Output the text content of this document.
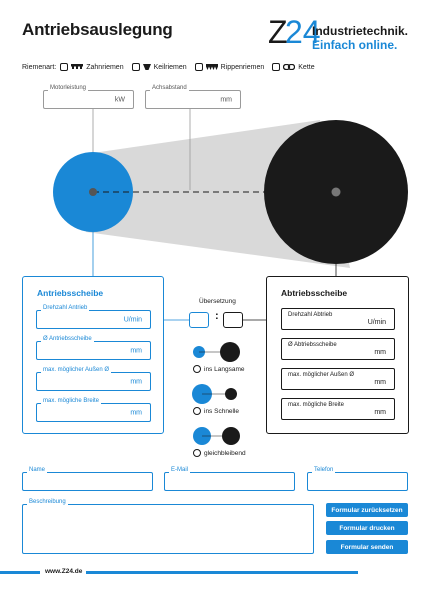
Antriebsauslegung	Z
24
Industrietechnik.
Einfach online.
Riemenart:	Zahnriemen	Keilriemen	Rippenriemen	Kette
Motorleistung
kW
Achsabstand
mm
Antriebsscheibe
Drehzahl Antrieb
U/min
Ø Antriebsscheibe
mm
max. möglicher Außen Ø
mm
max. mögliche Breite
mm
Übersetzung
:
ins Langsame
ins Schnelle
gleichbleibend
Abtriebsscheibe
Drehzahl Abtrieb
U/min
Ø Abtriebsscheibe
mm
max. möglicher Außen Ø
mm
max. mögliche Breite
mm
Name	E-Mail	Telefon
Beschreibung
Formular zurücksetzen
Formular drucken
Formular senden
www.Z24.de
